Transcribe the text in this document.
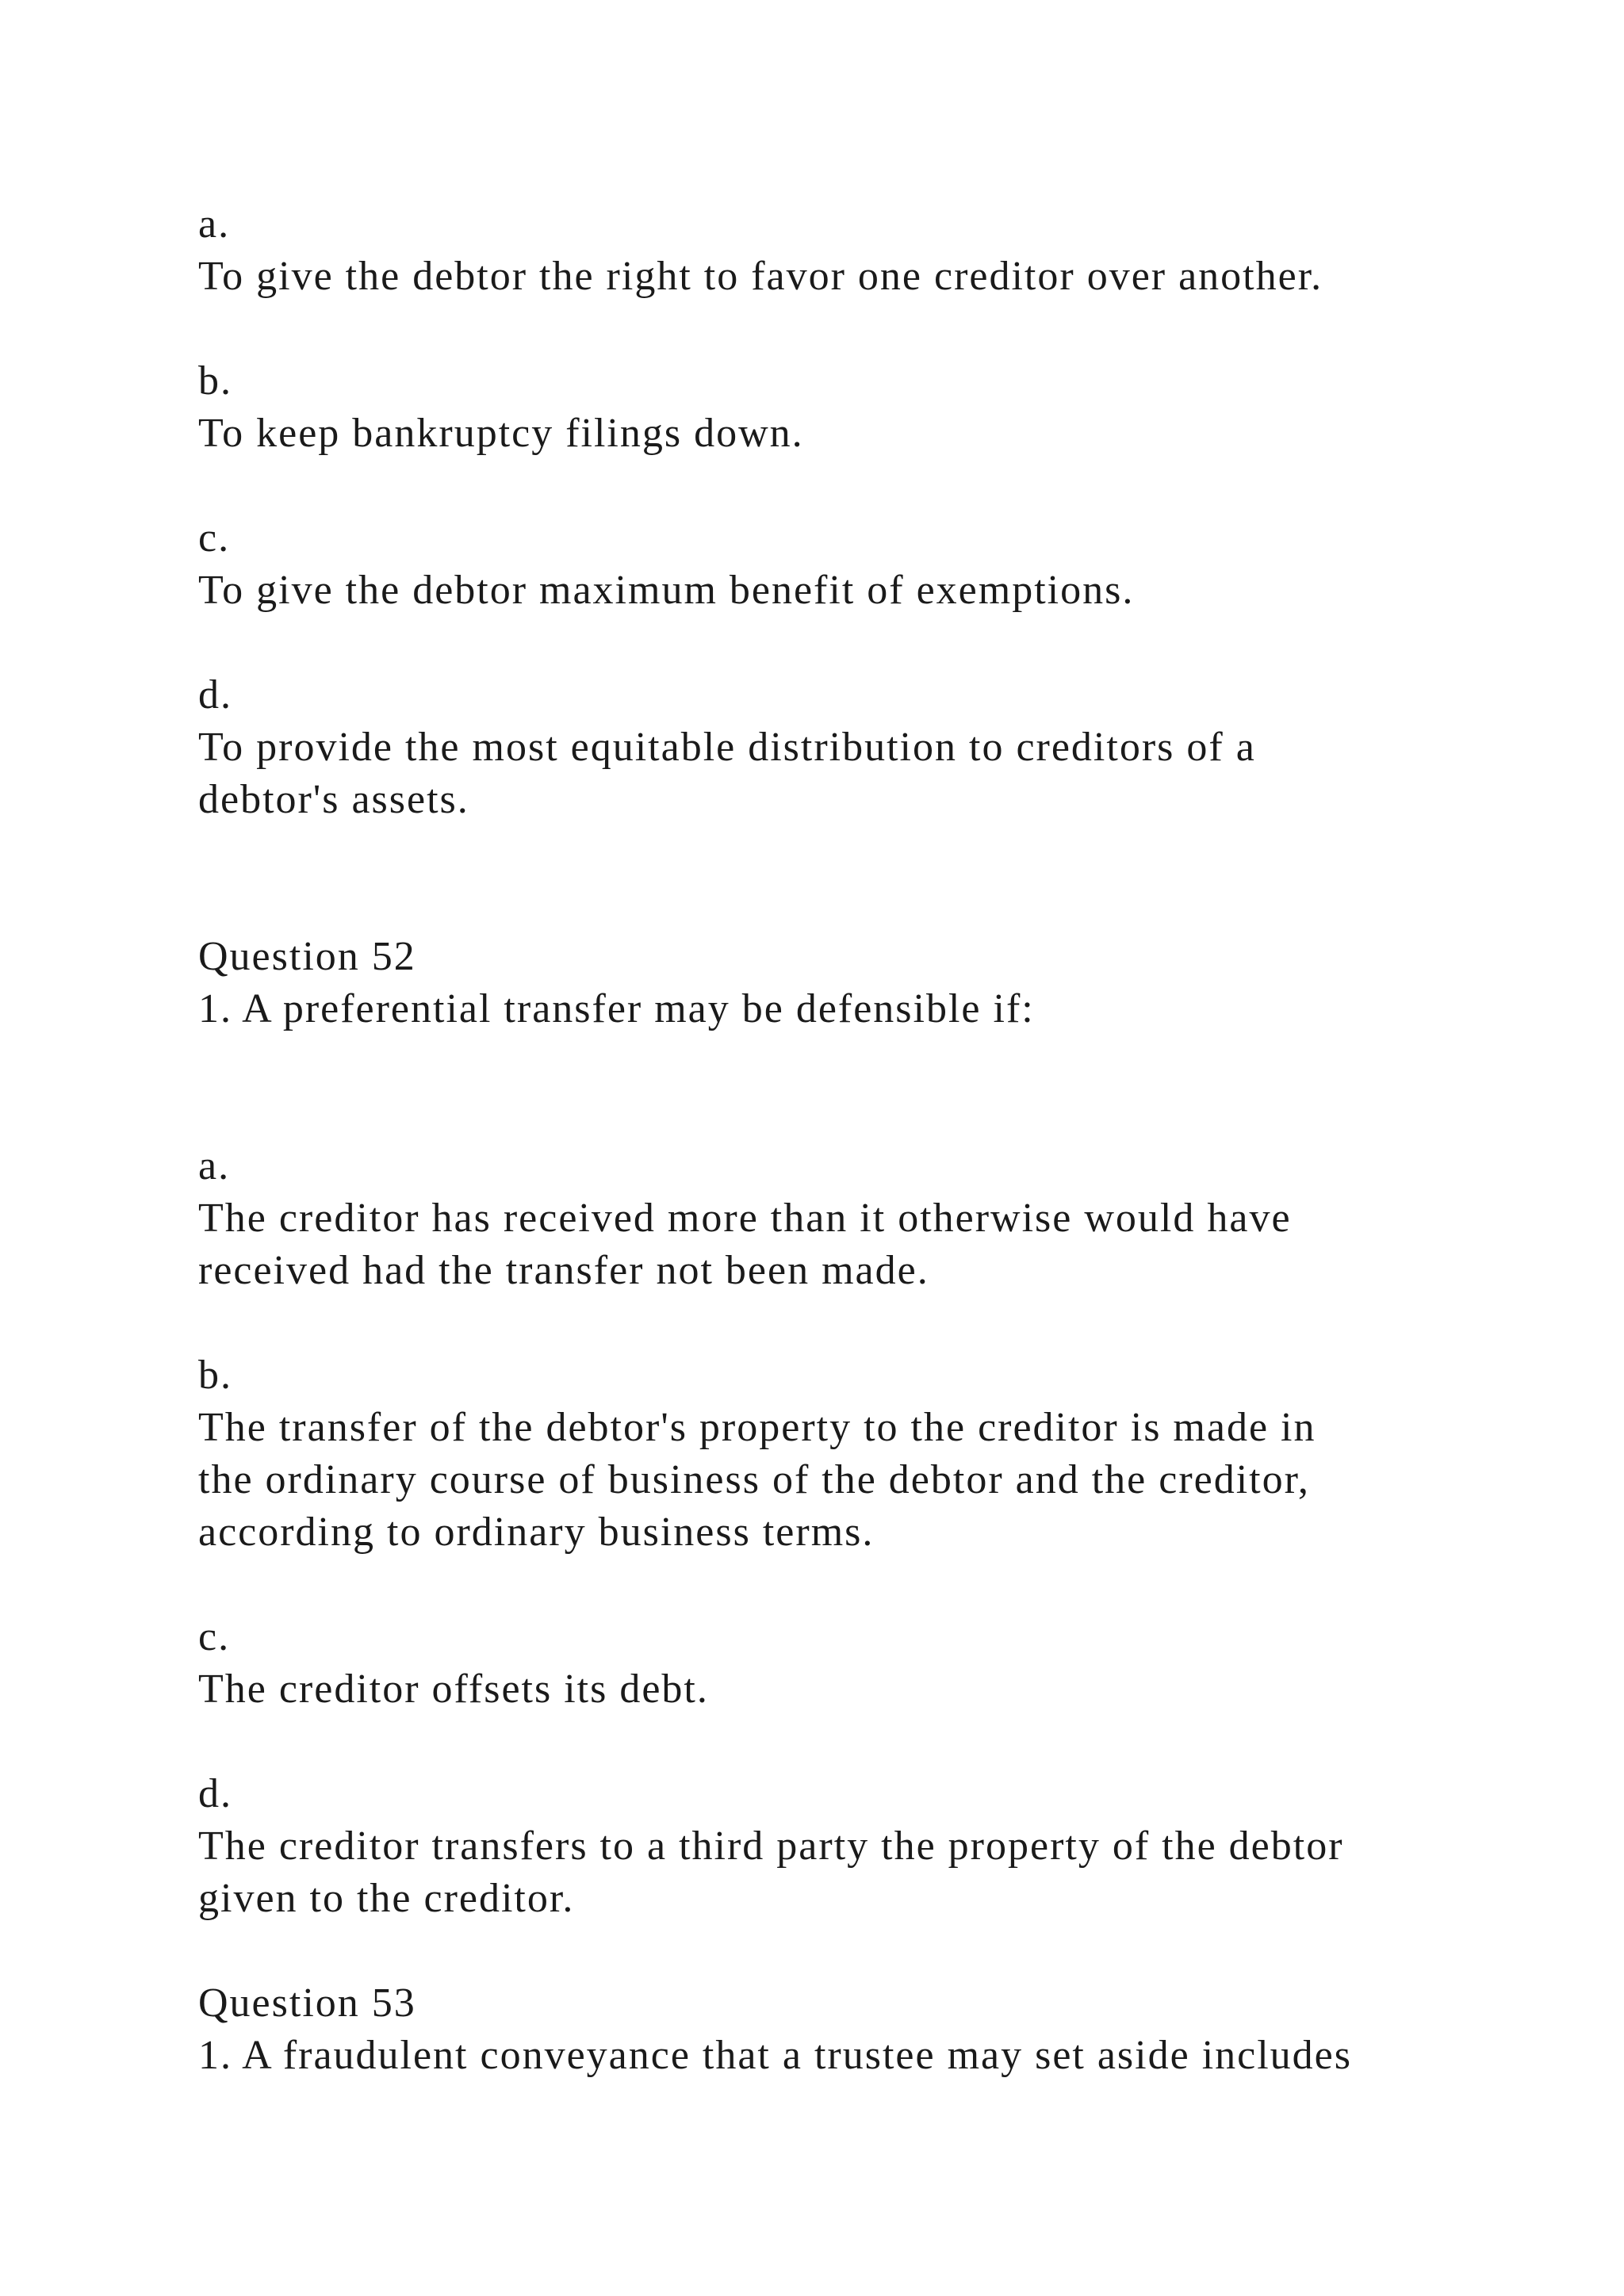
a.
To give the debtor the right to favor one creditor over another.
b.
To keep bankruptcy filings down.
c.
To give the debtor maximum benefit of exemptions.
d.
To provide the most equitable distribution to creditors of a
debtor's assets.
Question 52
1. A preferential transfer may be defensible if:
a.
The creditor has received more than it otherwise would have
received had the transfer not been made.
b.
The transfer of the debtor's property to the creditor is made in
the ordinary course of business of the debtor and the creditor,
according to ordinary business terms.
c.
The creditor offsets its debt.
d.
The creditor transfers to a third party the property of the debtor
given to the creditor.
Question 53
1. A fraudulent conveyance that a trustee may set aside includes
